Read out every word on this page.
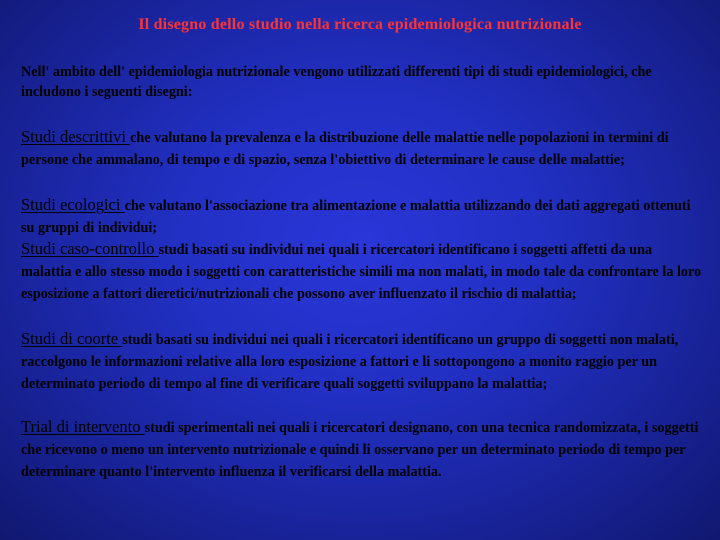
Il disegno dello studio nella ricerca epidemiologica nutrizionale
Nell' ambito dell' epidemiologia nutrizionale vengono utilizzati differenti tipi di studi epidemiologici, che includono i seguenti disegni:
Studi descrittivi che valutano la prevalenza e la distribuzione delle malattie nelle popolazioni in termini di persone che ammalano, di tempo e di spazio, senza l'obiettivo di determinare le cause delle malattie;
Studi ecologici che valutano l'associazione tra alimentazione e malattia utilizzando dei dati aggregati ottenuti su gruppi di individui;
Studi caso-controllo studi basati su individui nei quali i ricercatori identificano i soggetti affetti da una malattia e allo stesso modo i soggetti con caratteristiche simili ma non malati, in modo tale da confrontare la loro esposizione a fattori dieretici/nutrizionali che possono aver influenzato il rischio di malattia;
Studi di coorte studi basati su individui nei quali i ricercatori identificano un gruppo di soggetti non malati, raccolgono le informazioni relative alla loro esposizione a fattori e li sottopongono a monito raggio per un determinato periodo di tempo al fine di verificare quali soggetti sviluppano la malattia;
Trial di intervento studi sperimentali nei quali i ricercatori designano, con una tecnica randomizzata, i soggetti che ricevono o meno un intervento nutrizionale e quindi li osservano per un determinato periodo di tempo per determinare quanto l'intervento influenza il verificarsi della malattia.
